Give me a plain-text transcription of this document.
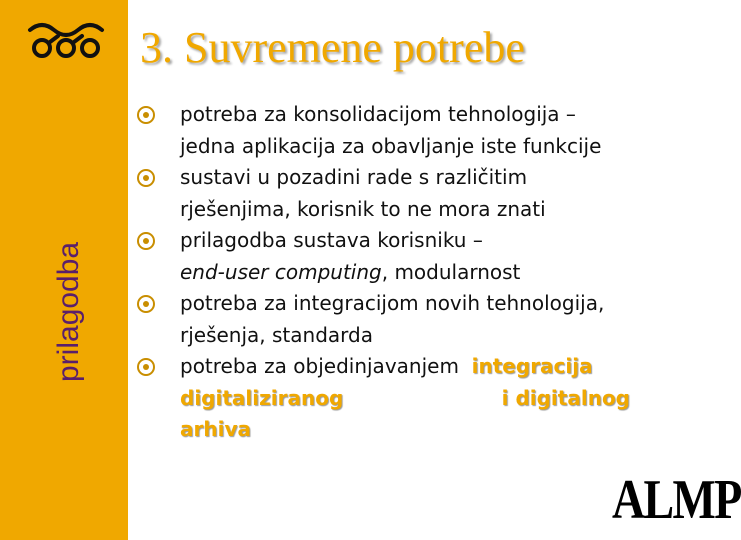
prilagodba
3. Suvremene potrebe
potreba za konsolidacijom tehnologija –
jedna aplikacija za obavljanje iste funkcije
sustavi u pozadini rade s različitim
rješenjima, korisnik to ne mora znati
prilagodba sustava korisniku –
end-user computing, modularnost
potreba za integracijom novih tehnologija,
rješenja, standarda
potreba za objedinjavanjem integracija
digitaliziranog	i digitalnog
arhiva
ALMP
